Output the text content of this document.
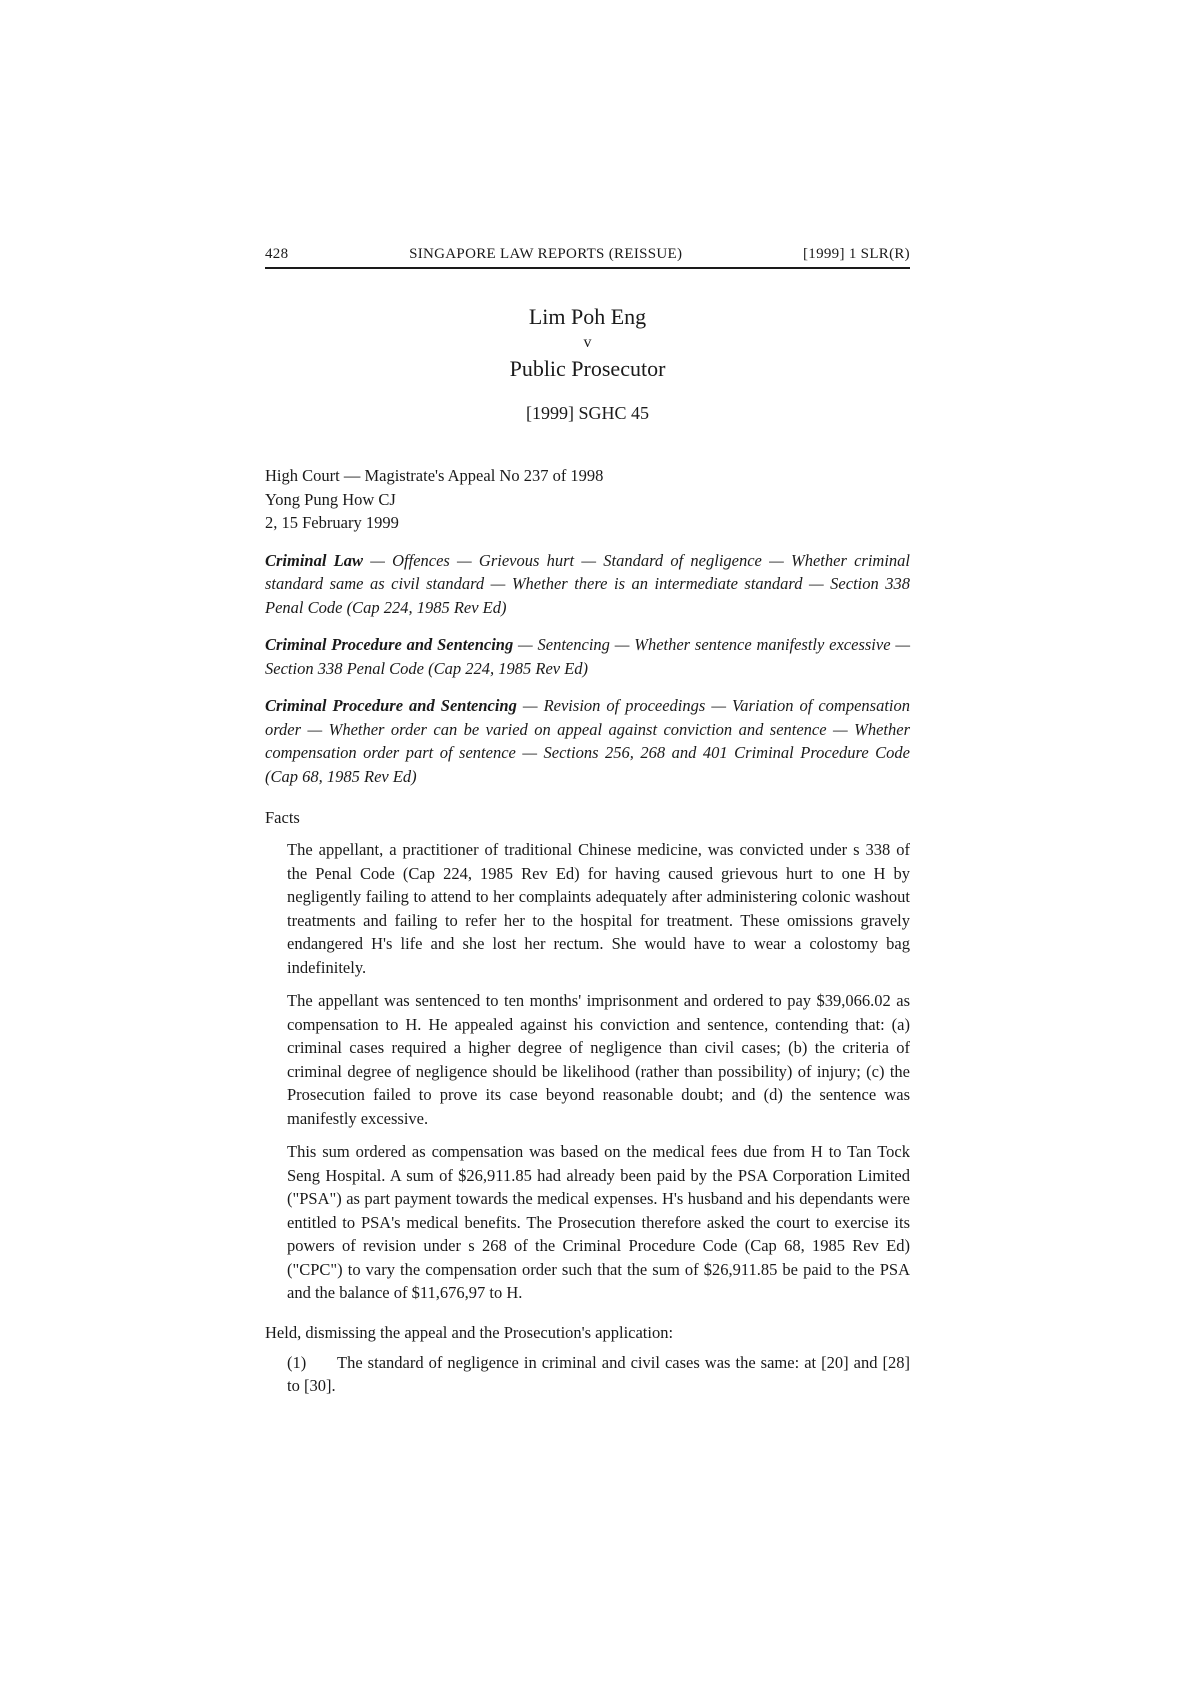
428	SINGAPORE LAW REPORTS (REISSUE)	[1999] 1 SLR(R)
Lim Poh Eng
v
Public Prosecutor
[1999] SGHC 45
High Court — Magistrate's Appeal No 237 of 1998
Yong Pung How CJ
2, 15 February 1999
Criminal Law — Offences — Grievous hurt — Standard of negligence — Whether criminal standard same as civil standard — Whether there is an intermediate standard — Section 338 Penal Code (Cap 224, 1985 Rev Ed)
Criminal Procedure and Sentencing — Sentencing — Whether sentence manifestly excessive — Section 338 Penal Code (Cap 224, 1985 Rev Ed)
Criminal Procedure and Sentencing — Revision of proceedings — Variation of compensation order — Whether order can be varied on appeal against conviction and sentence — Whether compensation order part of sentence — Sections 256, 268 and 401 Criminal Procedure Code (Cap 68, 1985 Rev Ed)
Facts

The appellant, a practitioner of traditional Chinese medicine, was convicted under s 338 of the Penal Code (Cap 224, 1985 Rev Ed) for having caused grievous hurt to one H by negligently failing to attend to her complaints adequately after administering colonic washout treatments and failing to refer her to the hospital for treatment. These omissions gravely endangered H's life and she lost her rectum. She would have to wear a colostomy bag indefinitely.

The appellant was sentenced to ten months' imprisonment and ordered to pay $39,066.02 as compensation to H. He appealed against his conviction and sentence, contending that: (a) criminal cases required a higher degree of negligence than civil cases; (b) the criteria of criminal degree of negligence should be likelihood (rather than possibility) of injury; (c) the Prosecution failed to prove its case beyond reasonable doubt; and (d) the sentence was manifestly excessive.

This sum ordered as compensation was based on the medical fees due from H to Tan Tock Seng Hospital. A sum of $26,911.85 had already been paid by the PSA Corporation Limited ("PSA") as part payment towards the medical expenses. H's husband and his dependants were entitled to PSA's medical benefits. The Prosecution therefore asked the court to exercise its powers of revision under s 268 of the Criminal Procedure Code (Cap 68, 1985 Rev Ed) ("CPC") to vary the compensation order such that the sum of $26,911.85 be paid to the PSA and the balance of $11,676,97 to H.

Held, dismissing the appeal and the Prosecution's application:
(1) The standard of negligence in criminal and civil cases was the same: at [20] and [28] to [30].
